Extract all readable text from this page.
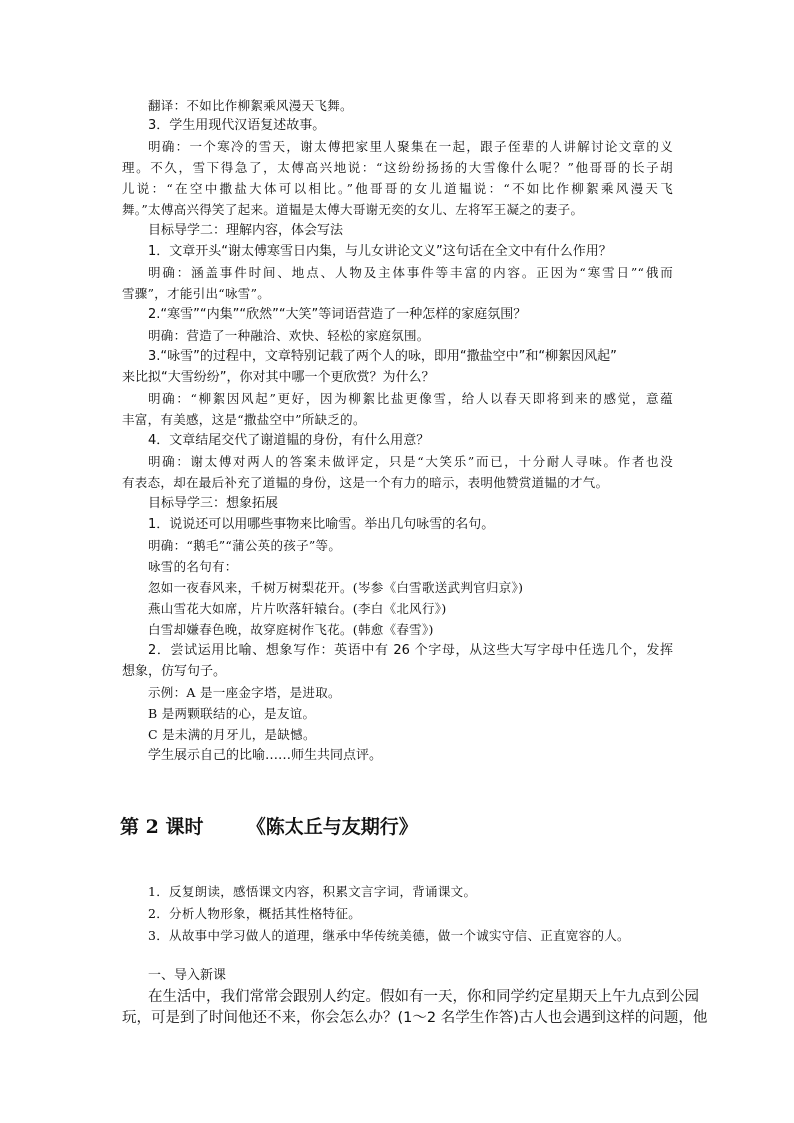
翻译：不如比作柳絮乘风漫天飞舞。
3．学生用现代汉语复述故事。
明确：一个寒冷的雪天，谢太傅把家里人聚集在一起，跟子侄辈的人讲解讨论文章的义
理。不久，雪下得急了，太傅高兴地说：“这纷纷扬扬的大雪像什么呢？”他哥哥的长子胡
儿说：“在空中撒盐大体可以相比。”他哥哥的女儿道韫说：“不如比作柳絮乘风漫天飞
舞。”太傅高兴得笑了起来。道韫是太傅大哥谢无奕的女儿、左将军王凝之的妻子。
目标导学二：理解内容，体会写法
1．文章开头“谢太傅寒雪日内集，与儿女讲论文义”这句话在全文中有什么作用？
明确：涵盖事件时间、地点、人物及主体事件等丰富的内容。正因为“寒雪日”“俄而
雪骤”，才能引出“咏雪”。
2.“寒雪”“内集”“欣然”“大笑”等词语营造了一种怎样的家庭氛围？
明确：营造了一种融洽、欢快、轻松的家庭氛围。
3.“咏雪”的过程中，文章特别记载了两个人的咏，即用“撒盐空中”和“柳絮因风起”
来比拟“大雪纷纷”，你对其中哪一个更欣赏？为什么？
明确：“柳絮因风起”更好，因为柳絮比盐更像雪，给人以春天即将到来的感觉，意蕴
丰富，有美感，这是“撒盐空中”所缺乏的。
4．文章结尾交代了谢道韫的身份，有什么用意？
明确：谢太傅对两人的答案未做评定，只是“大笑乐”而已，十分耐人寻味。作者也没
有表态，却在最后补充了道韫的身份，这是一个有力的暗示，表明他赞赏道韫的才气。
目标导学三：想象拓展
1．说说还可以用哪些事物来比喻雪。举出几句咏雪的名句。
明确：“鹅毛”“蒲公英的孩子”等。
咏雪的名句有：
忽如一夜春风来，千树万树梨花开。(岑参《白雪歌送武判官归京》)
燕山雪花大如席，片片吹落轩辕台。(李白《北风行》)
白雪却嫌春色晚，故穿庭树作飞花。(韩愈《春雪》)
2．尝试运用比喻、想象写作：英语中有 26 个字母，从这些大写字母中任选几个，发挥
想象，仿写句子。
示例：A 是一座金字塔，是进取。
B 是两颗联结的心，是友谊。
C 是未满的月牙儿，是缺憾。
学生展示自己的比喻……师生共同点评。
第 2 课时 《陈太丘与友期行》
1．反复朗读，感悟课文内容，积累文言字词，背诵课文。
2．分析人物形象，概括其性格特征。
3．从故事中学习做人的道理，继承中华传统美德，做一个诚实守信、正直宽容的人。
一、导入新课
在生活中，我们常常会跟别人约定。假如有一天，你和同学约定星期天上午九点到公园
玩，可是到了时间他还不来，你会怎么办？(1～2 名学生作答)古人也会遇到这样的问题，他
